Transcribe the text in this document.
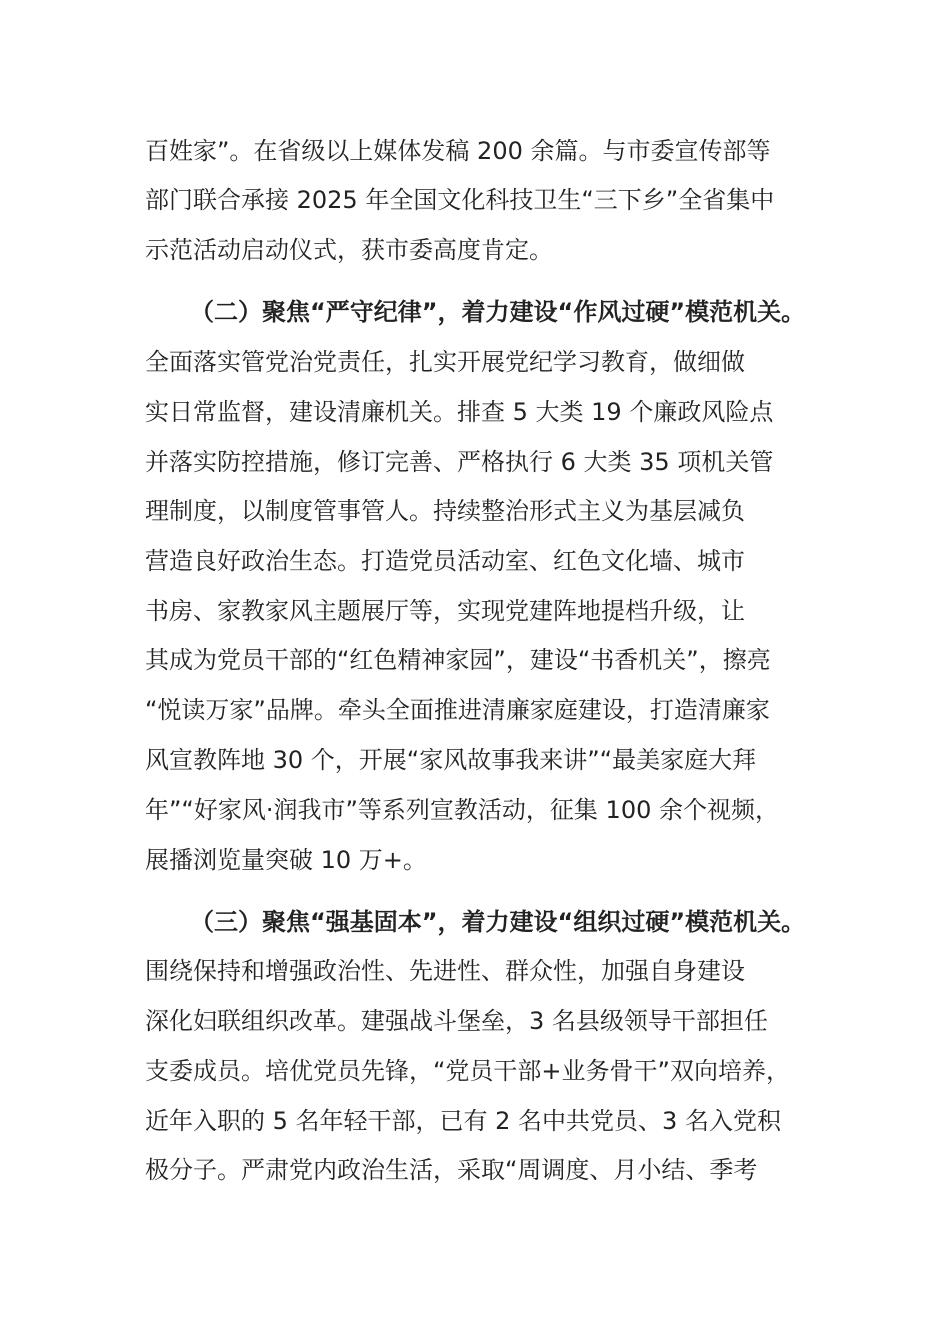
百姓家”。在省级以上媒体发稿 200 余篇。与市委宣传部等
部门联合承接 2025 年全国文化科技卫生“三下乡”全省集中
示范活动启动仪式，获市委高度肯定。
（二）聚焦“严守纪律”，着力建设“作风过硬”模范机关。
全面落实管党治党责任，扎实开展党纪学习教育，做细做
实日常监督，建设清廉机关。排查 5 大类 19 个廉政风险点
并落实防控措施，修订完善、严格执行 6 大类 35 项机关管
理制度，以制度管事管人。持续整治形式主义为基层减负
营造良好政治生态。打造党员活动室、红色文化墙、城市
书房、家教家风主题展厅等，实现党建阵地提档升级，让
其成为党员干部的“红色精神家园”，建设“书香机关”，擦亮
“悦读万家”品牌。牵头全面推进清廉家庭建设，打造清廉家
风宣教阵地 30 个，开展“家风故事我来讲”“最美家庭大拜
年”“好家风·润我市”等系列宣教活动，征集 100 余个视频，
展播浏览量突破 10 万+。
（三）聚焦“强基固本”，着力建设“组织过硬”模范机关。
围绕保持和增强政治性、先进性、群众性，加强自身建设
深化妇联组织改革。建强战斗堡垒，3 名县级领导干部担任
支委成员。培优党员先锋，“党员干部+业务骨干”双向培养，
近年入职的 5 名年轻干部，已有 2 名中共党员、3 名入党积
极分子。严肃党内政治生活，采取“周调度、月小结、季考
